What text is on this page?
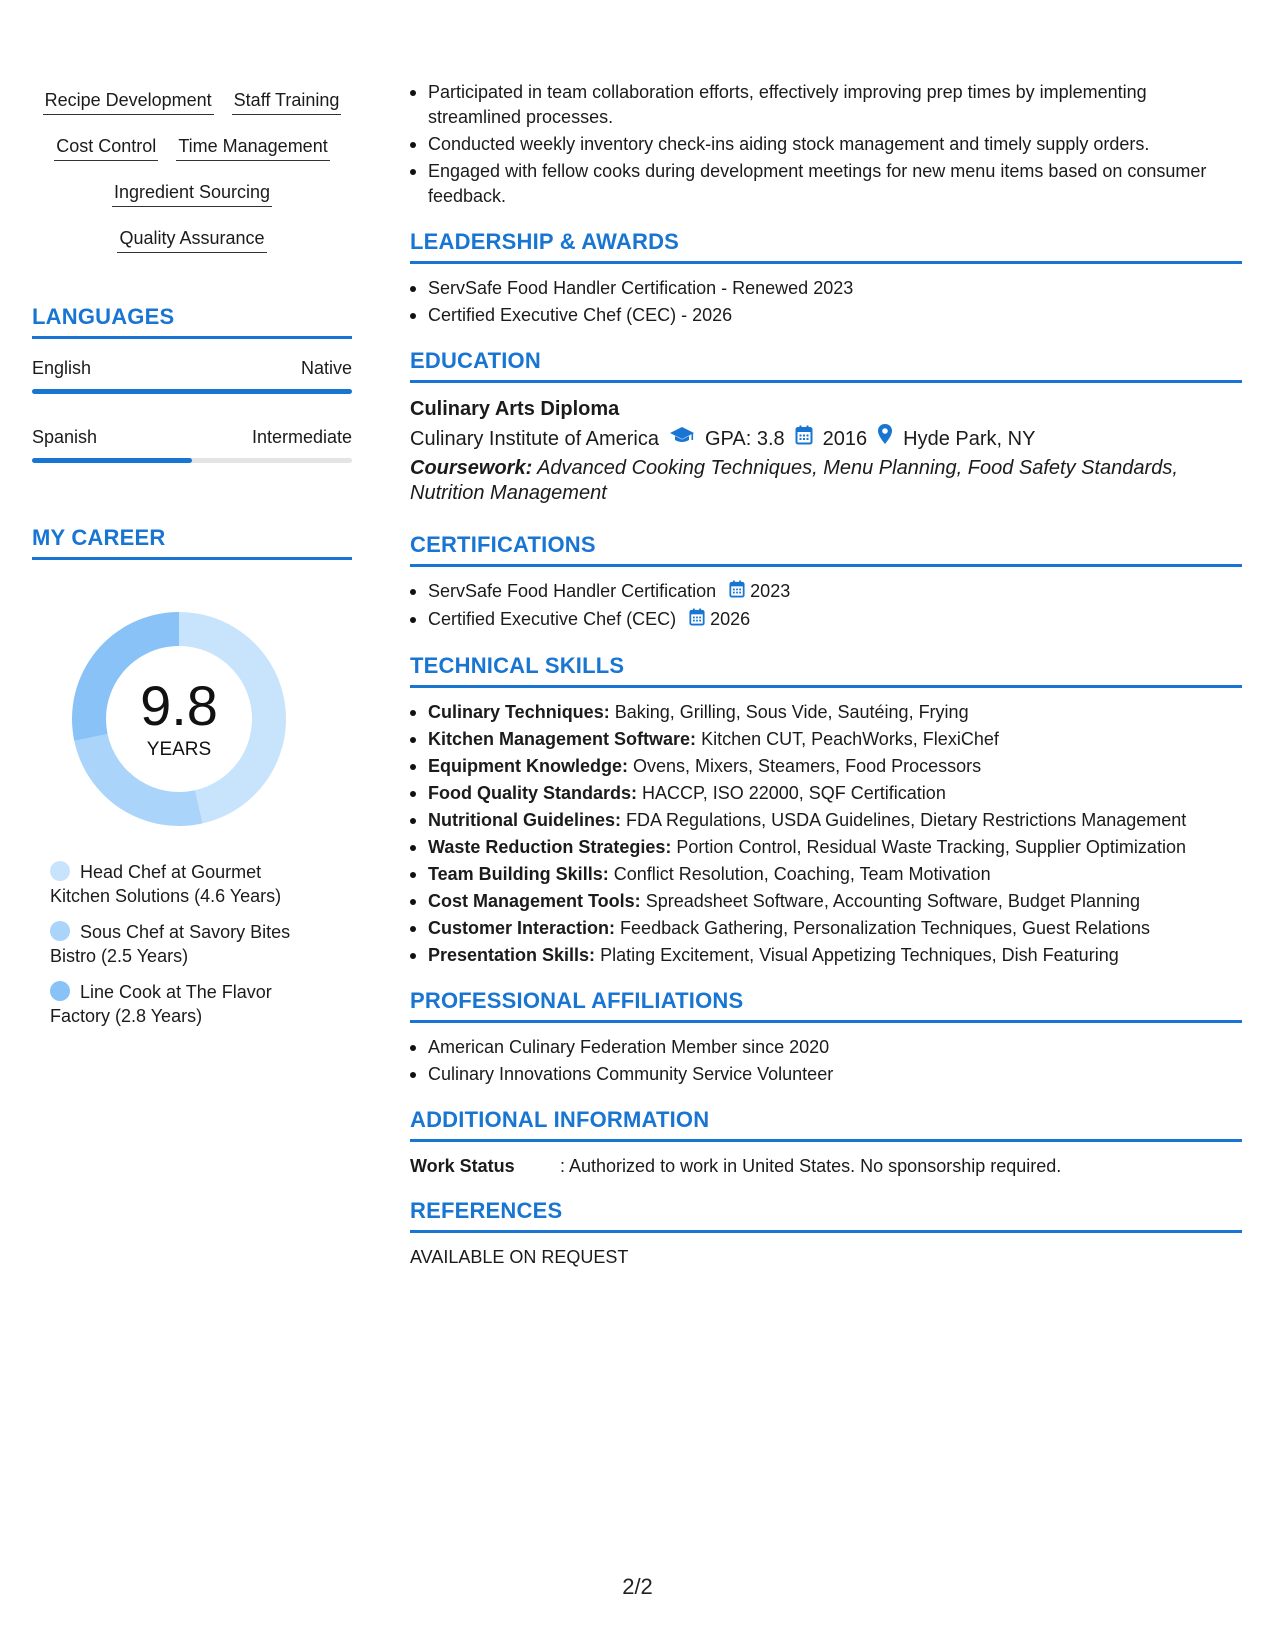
Recipe Development Staff Training
Cost Control Time Management
Ingredient Sourcing
Quality Assurance
LANGUAGES
English	Native
Spanish	Intermediate
MY CAREER
9.8
YEARS
Head Chef at Gourmet Kitchen Solutions (4.6 Years)
Sous Chef at Savory Bites Bistro (2.5 Years)
Line Cook at The Flavor Factory (2.8 Years)
Participated in team collaboration efforts, effectively improving prep times by implementing streamlined processes.
Conducted weekly inventory check-ins aiding stock management and timely supply orders.
Engaged with fellow cooks during development meetings for new menu items based on consumer feedback.
LEADERSHIP & AWARDS
ServSafe Food Handler Certification - Renewed 2023
Certified Executive Chef (CEC) - 2026
EDUCATION
Culinary Arts Diploma
Culinary Institute of America GPA: 3.8 2016 Hyde Park, NY
Coursework: Advanced Cooking Techniques, Menu Planning, Food Safety Standards, Nutrition Management
CERTIFICATIONS
ServSafe Food Handler Certification 2023
Certified Executive Chef (CEC) 2026
TECHNICAL SKILLS
Culinary Techniques: Baking, Grilling, Sous Vide, Sautéing, Frying
Kitchen Management Software: Kitchen CUT, PeachWorks, FlexiChef
Equipment Knowledge: Ovens, Mixers, Steamers, Food Processors
Food Quality Standards: HACCP, ISO 22000, SQF Certification
Nutritional Guidelines: FDA Regulations, USDA Guidelines, Dietary Restrictions Management
Waste Reduction Strategies: Portion Control, Residual Waste Tracking, Supplier Optimization
Team Building Skills: Conflict Resolution, Coaching, Team Motivation
Cost Management Tools: Spreadsheet Software, Accounting Software, Budget Planning
Customer Interaction: Feedback Gathering, Personalization Techniques, Guest Relations
Presentation Skills: Plating Excitement, Visual Appetizing Techniques, Dish Featuring
PROFESSIONAL AFFILIATIONS
American Culinary Federation Member since 2020
Culinary Innovations Community Service Volunteer
ADDITIONAL INFORMATION
Work Status	: Authorized to work in United States. No sponsorship required.
REFERENCES
AVAILABLE ON REQUEST
2/2
